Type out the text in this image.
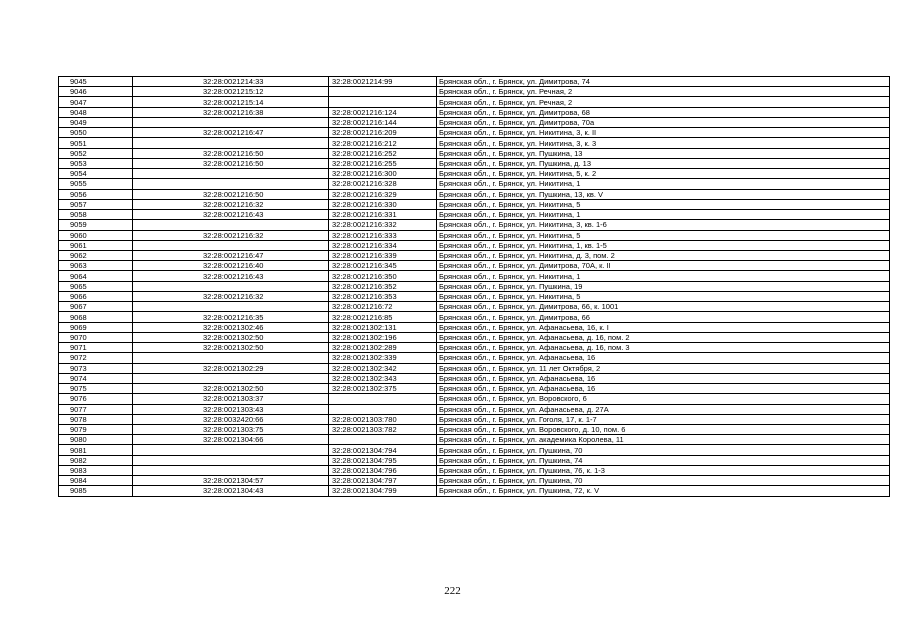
9045	32:28:0021214:33	32:28:0021214:99	Брянская обл., г. Брянск, ул. Димитрова, 74
9046	32:28:0021215:12		Брянская обл., г. Брянск, ул. Речная, 2
9047	32:28:0021215:14		Брянская обл., г. Брянск, ул. Речная, 2
9048	32:28:0021216:38	32:28:0021216:124	Брянская обл., г. Брянск, ул. Димитрова, 68
9049		32:28:0021216:144	Брянская обл., г. Брянск, ул. Димитрова, 70а
9050	32:28:0021216:47	32:28:0021216:209	Брянская обл., г. Брянск, ул. Никитина, 3, к. II
9051		32:28:0021216:212	Брянская обл., г. Брянск, ул. Никитина, 3, к. 3
9052	32:28:0021216:50	32:28:0021216:252	Брянская обл., г. Брянск, ул. Пушкина, 13
9053	32:28:0021216:50	32:28:0021216:255	Брянская обл., г. Брянск, ул. Пушкина, д. 13
9054		32:28:0021216:300	Брянская обл., г. Брянск, ул. Никитина, 5, к. 2
9055		32:28:0021216:328	Брянская обл., г. Брянск, ул. Никитина, 1
9056	32:28:0021216:50	32:28:0021216:329	Брянская обл., г. Брянск, ул. Пушкина, 13, кв. V
9057	32:28:0021216:32	32:28:0021216:330	Брянская обл., г. Брянск, ул. Никитина, 5
9058	32:28:0021216:43	32:28:0021216:331	Брянская обл., г. Брянск, ул. Никитина, 1
9059		32:28:0021216:332	Брянская обл., г. Брянск, ул. Никитина, 3, кв. 1-6
9060	32:28:0021216:32	32:28:0021216:333	Брянская обл., г. Брянск, ул. Никитина, 5
9061		32:28:0021216:334	Брянская обл., г. Брянск, ул. Никитина, 1, кв. 1-5
9062	32:28:0021216:47	32:28:0021216:339	Брянская обл., г. Брянск, ул. Никитина, д. 3, пом. 2
9063	32:28:0021216:40	32:28:0021216:345	Брянская обл., г. Брянск, ул. Димитрова, 70А, к. II
9064	32:28:0021216:43	32:28:0021216:350	Брянская обл., г. Брянск, ул. Никитина, 1
9065		32:28:0021216:352	Брянская обл., г. Брянск, ул. Пушкина, 19
9066	32:28:0021216:32	32:28:0021216:353	Брянская обл., г. Брянск, ул. Никитина, 5
9067		32:28:0021216:72	Брянская обл., г. Брянск, ул. Димитрова, 66, к. 1001
9068	32:28:0021216:35	32:28:0021216:85	Брянская обл., г. Брянск, ул. Димитрова, 66
9069	32:28:0021302:46	32:28:0021302:131	Брянская обл., г. Брянск, ул. Афанасьева, 16, к. I
9070	32:28:0021302:50	32:28:0021302:196	Брянская обл., г. Брянск, ул. Афанасьева, д. 16, пом. 2
9071	32:28:0021302:50	32:28:0021302:289	Брянская обл., г. Брянск, ул. Афанасьева, д. 16, пом. 3
9072		32:28:0021302:339	Брянская обл., г. Брянск, ул. Афанасьева, 16
9073	32:28:0021302:29	32:28:0021302:342	Брянская обл., г. Брянск, ул. 11 лет Октября, 2
9074		32:28:0021302:343	Брянская обл., г. Брянск, ул. Афанасьева, 16
9075	32:28:0021302:50	32:28:0021302:375	Брянская обл., г. Брянск, ул. Афанасьева, 16
9076	32:28:0021303:37		Брянская обл., г. Брянск, ул. Воровского, 6
9077	32:28:0021303:43		Брянская обл., г. Брянск, ул. Афанасьева, д. 27А
9078	32:28:0032420:66	32:28:0021303:780	Брянская обл., г. Брянск, ул. Гоголя, 17, к. 1-7
9079	32:28:0021303:75	32:28:0021303:782	Брянская обл., г. Брянск, ул. Воровского, д. 10, пом. 6
9080	32:28:0021304:66		Брянская обл., г. Брянск, ул. академика Королева, 11
9081		32:28:0021304:794	Брянская обл., г. Брянск, ул. Пушкина, 70
9082		32:28:0021304:795	Брянская обл., г. Брянск, ул. Пушкина, 74
9083		32:28:0021304:796	Брянская обл., г. Брянск, ул. Пушкина, 76, к. 1-3
9084	32:28:0021304:57	32:28:0021304:797	Брянская обл., г. Брянск, ул. Пушкина, 70
9085	32:28:0021304:43	32:28:0021304:799	Брянская обл., г. Брянск, ул. Пушкина, 72, к. V
222
